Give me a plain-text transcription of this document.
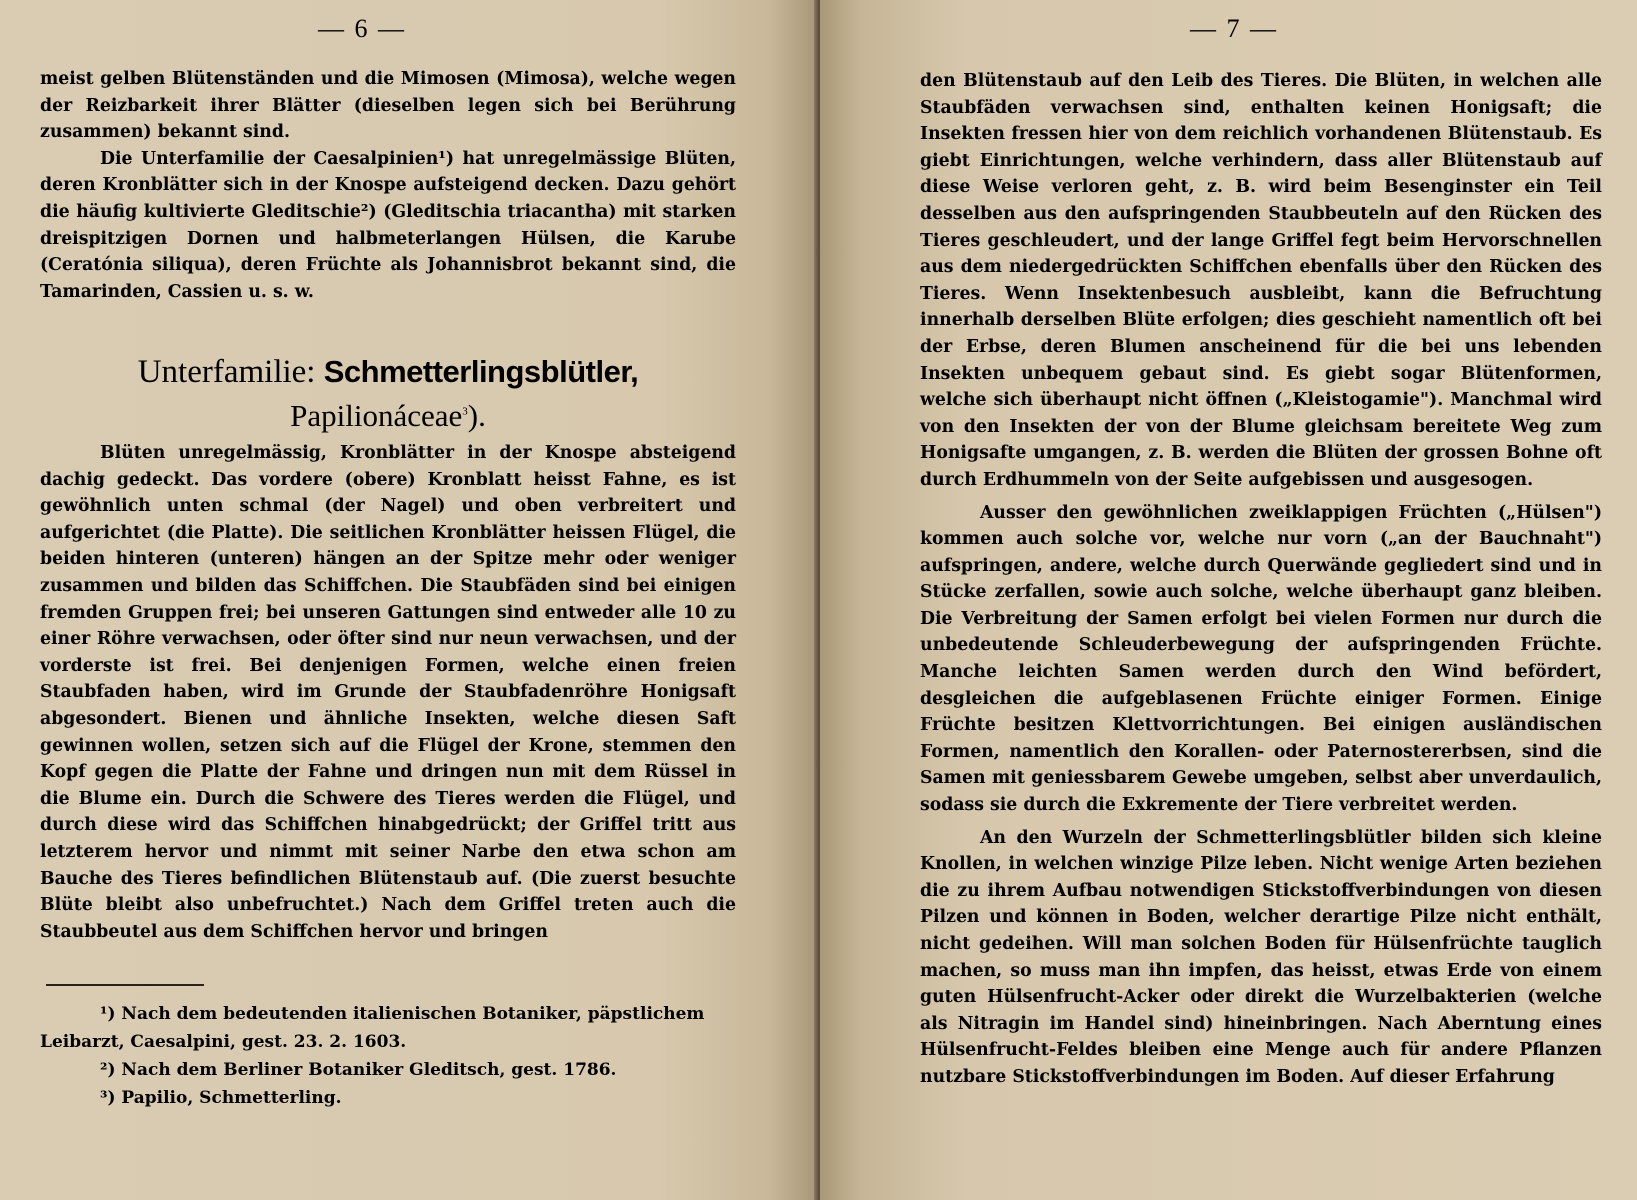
— 6 —

meist gelben Blütenständen und die Mimosen (Mimosa), welche wegen der Reizbarkeit ihrer Blätter (dieselben legen sich bei Berührung zusammen) bekannt sind.

Die Unterfamilie der Caesalpinien¹) hat unregelmässige Blüten, deren Kronblätter sich in der Knospe aufsteigend decken. Dazu gehört die häufig kultivierte Gleditschie²) (Gleditschia triacantha) mit starken dreispitzigen Dornen und halbmeterlangen Hülsen, die Karube (Ceratónia siliqua), deren Früchte als Johannisbrot bekannt sind, die Tamarinden, Cassien u. s. w.

Unterfamilie: Schmetterlingsblütler,
Papilionáceae$^3$).

Blüten unregelmässig, Kronblätter in der Knospe absteigend dachig gedeckt. Das vordere (obere) Kronblatt heisst Fahne, es ist gewöhnlich unten schmal (der Nagel) und oben verbreitert und aufgerichtet (die Platte). Die seitlichen Kronblätter heissen Flügel, die beiden hinteren (unteren) hängen an der Spitze mehr oder weniger zusammen und bilden das Schiffchen. Die Staubfäden sind bei einigen fremden Gruppen frei; bei unseren Gattungen sind entweder alle 10 zu einer Röhre verwachsen, oder öfter sind nur neun verwachsen, und der vorderste ist frei. Bei denjenigen Formen, welche einen freien Staubfaden haben, wird im Grunde der Staubfadenröhre Honigsaft abgesondert. Bienen und ähnliche Insekten, welche diesen Saft gewinnen wollen, setzen sich auf die Flügel der Krone, stemmen den Kopf gegen die Platte der Fahne und dringen nun mit dem Rüssel in die Blume ein. Durch die Schwere des Tieres werden die Flügel, und durch diese wird das Schiffchen hinabgedrückt; der Griffel tritt aus letzterem hervor und nimmt mit seiner Narbe den etwa schon am Bauche des Tieres befindlichen Blütenstaub auf. (Die zuerst besuchte Blüte bleibt also unbefruchtet.) Nach dem Griffel treten auch die Staubbeutel aus dem Schiffchen hervor und bringen

¹) Nach dem bedeutenden italienischen Botaniker, päpstlichem Leibarzt, Caesalpini, gest. 23. 2. 1603.

²) Nach dem Berliner Botaniker Gleditsch, gest. 1786.

³) Papilio, Schmetterling.

— 7 —

den Blütenstaub auf den Leib des Tieres. Die Blüten, in welchen alle Staubfäden verwachsen sind, enthalten keinen Honigsaft; die Insekten fressen hier von dem reichlich vorhandenen Blütenstaub. Es giebt Einrichtungen, welche verhindern, dass aller Blütenstaub auf diese Weise verloren geht, z. B. wird beim Besenginster ein Teil desselben aus den aufspringenden Staubbeuteln auf den Rücken des Tieres geschleudert, und der lange Griffel fegt beim Hervorschnellen aus dem niedergedrückten Schiffchen ebenfalls über den Rücken des Tieres. Wenn Insektenbesuch ausbleibt, kann die Befruchtung innerhalb derselben Blüte erfolgen; dies geschieht namentlich oft bei der Erbse, deren Blumen anscheinend für die bei uns lebenden Insekten unbequem gebaut sind. Es giebt sogar Blütenformen, welche sich überhaupt nicht öffnen („Kleistogamie"). Manchmal wird von den Insekten der von der Blume gleichsam bereitete Weg zum Honigsafte umgangen, z. B. werden die Blüten der grossen Bohne oft durch Erdhummeln von der Seite aufgebissen und ausgesogen.

Ausser den gewöhnlichen zweiklappigen Früchten („Hülsen") kommen auch solche vor, welche nur vorn („an der Bauchnaht") aufspringen, andere, welche durch Querwände gegliedert sind und in Stücke zerfallen, sowie auch solche, welche überhaupt ganz bleiben. Die Verbreitung der Samen erfolgt bei vielen Formen nur durch die unbedeutende Schleuderbewegung der aufspringenden Früchte. Manche leichten Samen werden durch den Wind befördert, desgleichen die aufgeblasenen Früchte einiger Formen. Einige Früchte besitzen Klettvorrichtungen. Bei einigen ausländischen Formen, namentlich den Korallen- oder Paternostererbsen, sind die Samen mit geniessbarem Gewebe umgeben, selbst aber unverdaulich, sodass sie durch die Exkremente der Tiere verbreitet werden.

An den Wurzeln der Schmetterlingsblütler bilden sich kleine Knollen, in welchen winzige Pilze leben. Nicht wenige Arten beziehen die zu ihrem Aufbau notwendigen Stickstoffverbindungen von diesen Pilzen und können in Boden, welcher derartige Pilze nicht enthält, nicht gedeihen. Will man solchen Boden für Hülsenfrüchte tauglich machen, so muss man ihn impfen, das heisst, etwas Erde von einem guten Hülsenfrucht-Acker oder direkt die Wurzelbakterien (welche als Nitragin im Handel sind) hineinbringen. Nach Aberntung eines Hülsenfrucht-Feldes bleiben eine Menge auch für andere Pflanzen nutzbare Stickstoffverbindungen im Boden. Auf dieser Erfahrung
